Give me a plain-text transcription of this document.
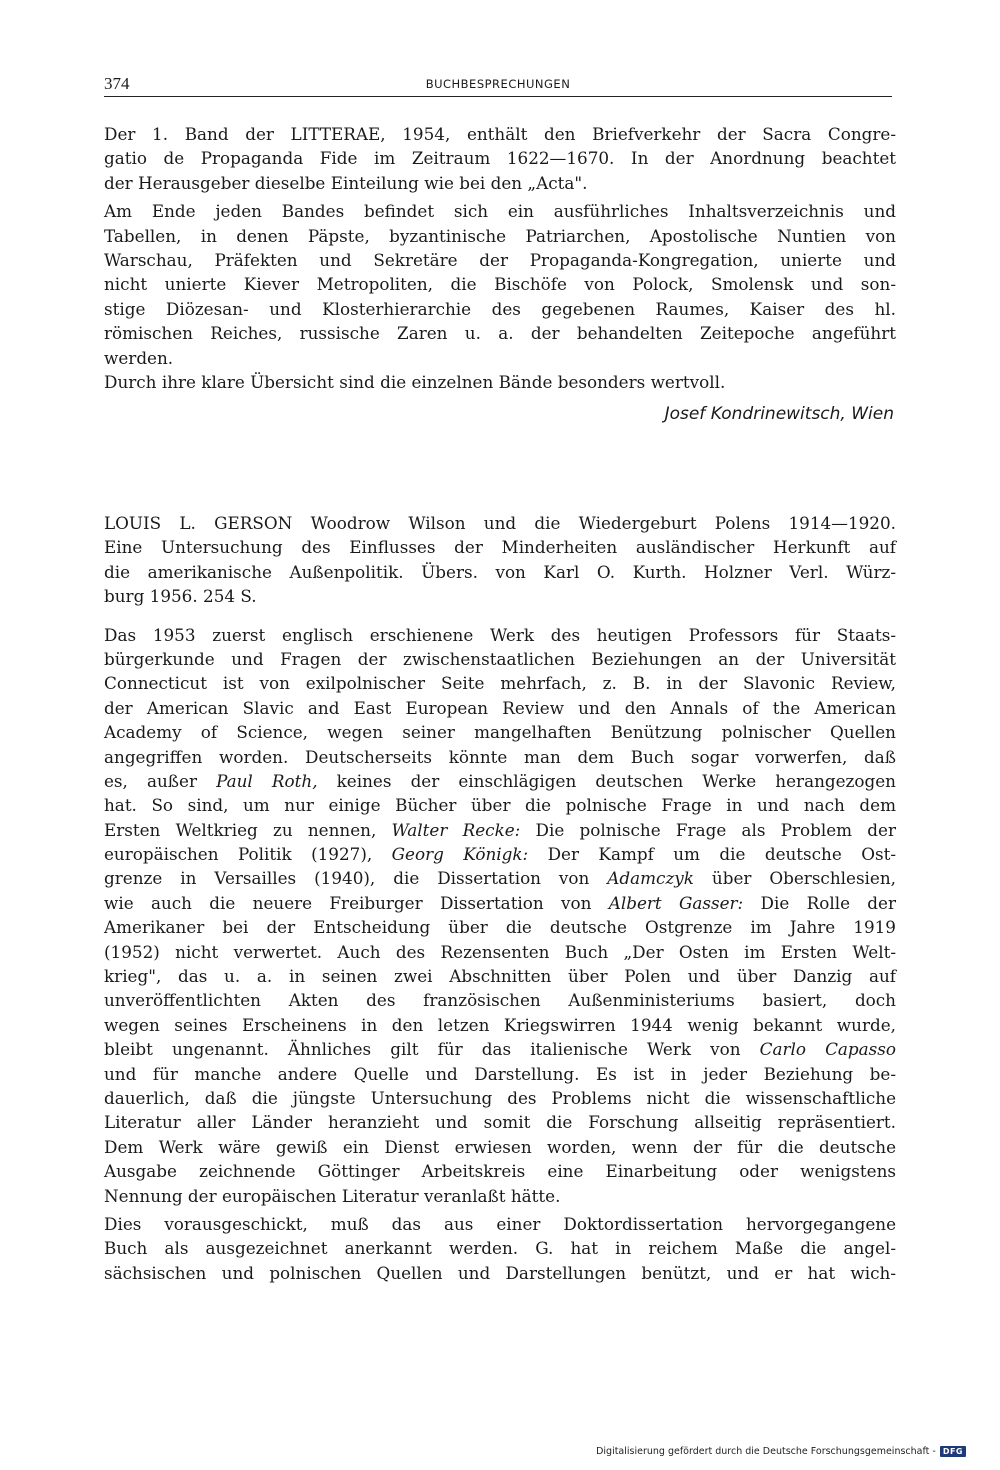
374	BUCHBESPRECHUNGEN
Der 1. Band der LITTERAE, 1954, enthält den Briefverkehr der Sacra Congre-
gatio de Propaganda Fide im Zeitraum 1622—1670. In der Anordnung beachtet
der Herausgeber dieselbe Einteilung wie bei den „Acta".
Am Ende jeden Bandes befindet sich ein ausführliches Inhaltsverzeichnis und
Tabellen, in denen Päpste, byzantinische Patriarchen, Apostolische Nuntien von
Warschau, Präfekten und Sekretäre der Propaganda-Kongregation, unierte und
nicht unierte Kiever Metropoliten, die Bischöfe von Polock, Smolensk und son-
stige Diözesan- und Klosterhierarchie des gegebenen Raumes, Kaiser des hl.
römischen Reiches, russische Zaren u. a. der behandelten Zeitepoche angeführt
werden.
Durch ihre klare Übersicht sind die einzelnen Bände besonders wertvoll.
Josef Kondrinewitsch, Wien
LOUIS L. GERSON Woodrow Wilson und die Wiedergeburt Polens 1914—1920.
Eine Untersuchung des Einflusses der Minderheiten ausländischer Herkunft auf
die amerikanische Außenpolitik. Übers. von Karl O. Kurth. Holzner Verl. Würz-
burg 1956. 254 S.
Das 1953 zuerst englisch erschienene Werk des heutigen Professors für Staats-
bürgerkunde und Fragen der zwischenstaatlichen Beziehungen an der Universität
Connecticut ist von exilpolnischer Seite mehrfach, z. B. in der Slavonic Review,
der American Slavic and East European Review und den Annals of the American
Academy of Science, wegen seiner mangelhaften Benützung polnischer Quellen
angegriffen worden. Deutscherseits könnte man dem Buch sogar vorwerfen, daß
es, außer Paul Roth, keines der einschlägigen deutschen Werke herangezogen
hat. So sind, um nur einige Bücher über die polnische Frage in und nach dem
Ersten Weltkrieg zu nennen, Walter Recke: Die polnische Frage als Problem der
europäischen Politik (1927), Georg Königk: Der Kampf um die deutsche Ost-
grenze in Versailles (1940), die Dissertation von Adamczyk über Oberschlesien,
wie auch die neuere Freiburger Dissertation von Albert Gasser: Die Rolle der
Amerikaner bei der Entscheidung über die deutsche Ostgrenze im Jahre 1919
(1952) nicht verwertet. Auch des Rezensenten Buch „Der Osten im Ersten Welt-
krieg", das u. a. in seinen zwei Abschnitten über Polen und über Danzig auf
unveröffentlichten Akten des französischen Außenministeriums basiert, doch
wegen seines Erscheinens in den letzen Kriegswirren 1944 wenig bekannt wurde,
bleibt ungenannt. Ähnliches gilt für das italienische Werk von Carlo Capasso
und für manche andere Quelle und Darstellung. Es ist in jeder Beziehung be-
dauerlich, daß die jüngste Untersuchung des Problems nicht die wissenschaftliche
Literatur aller Länder heranzieht und somit die Forschung allseitig repräsentiert.
Dem Werk wäre gewiß ein Dienst erwiesen worden, wenn der für die deutsche
Ausgabe zeichnende Göttinger Arbeitskreis eine Einarbeitung oder wenigstens
Nennung der europäischen Literatur veranlaßt hätte.
Dies vorausgeschickt, muß das aus einer Doktordissertation hervorgegangene
Buch als ausgezeichnet anerkannt werden. G. hat in reichem Maße die angel-
sächsischen und polnischen Quellen und Darstellungen benützt, und er hat wich-
Digitalisierung gefördert durch die Deutsche Forschungsgemeinschaft - DFG
